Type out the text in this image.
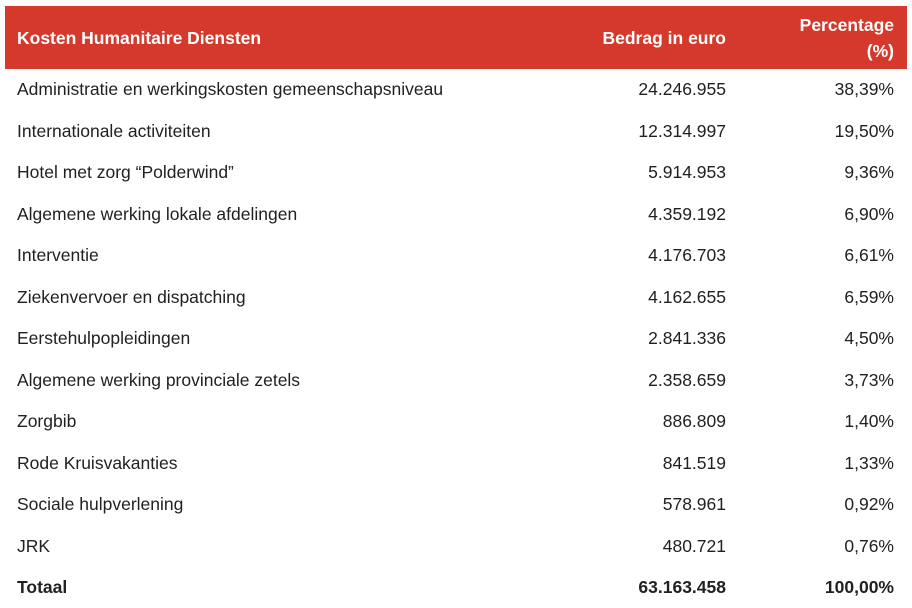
Kosten Humanitaire Diensten	Bedrag in euro	Percentage
(%)

Administratie en werkingskosten gemeenschapsniveau	24.246.955	38,39%
Internationale activiteiten	12.314.997	19,50%
Hotel met zorg “Polderwind”	5.914.953	9,36%
Algemene werking lokale afdelingen	4.359.192	6,90%
Interventie	4.176.703	6,61%
Ziekenvervoer en dispatching	4.162.655	6,59%
Eerstehulpopleidingen	2.841.336	4,50%
Algemene werking provinciale zetels	2.358.659	3,73%
Zorgbib	886.809	1,40%
Rode Kruisvakanties	841.519	1,33%
Sociale hulpverlening	578.961	0,92%
JRK	480.721	0,76%
Totaal	63.163.458	100,00%
